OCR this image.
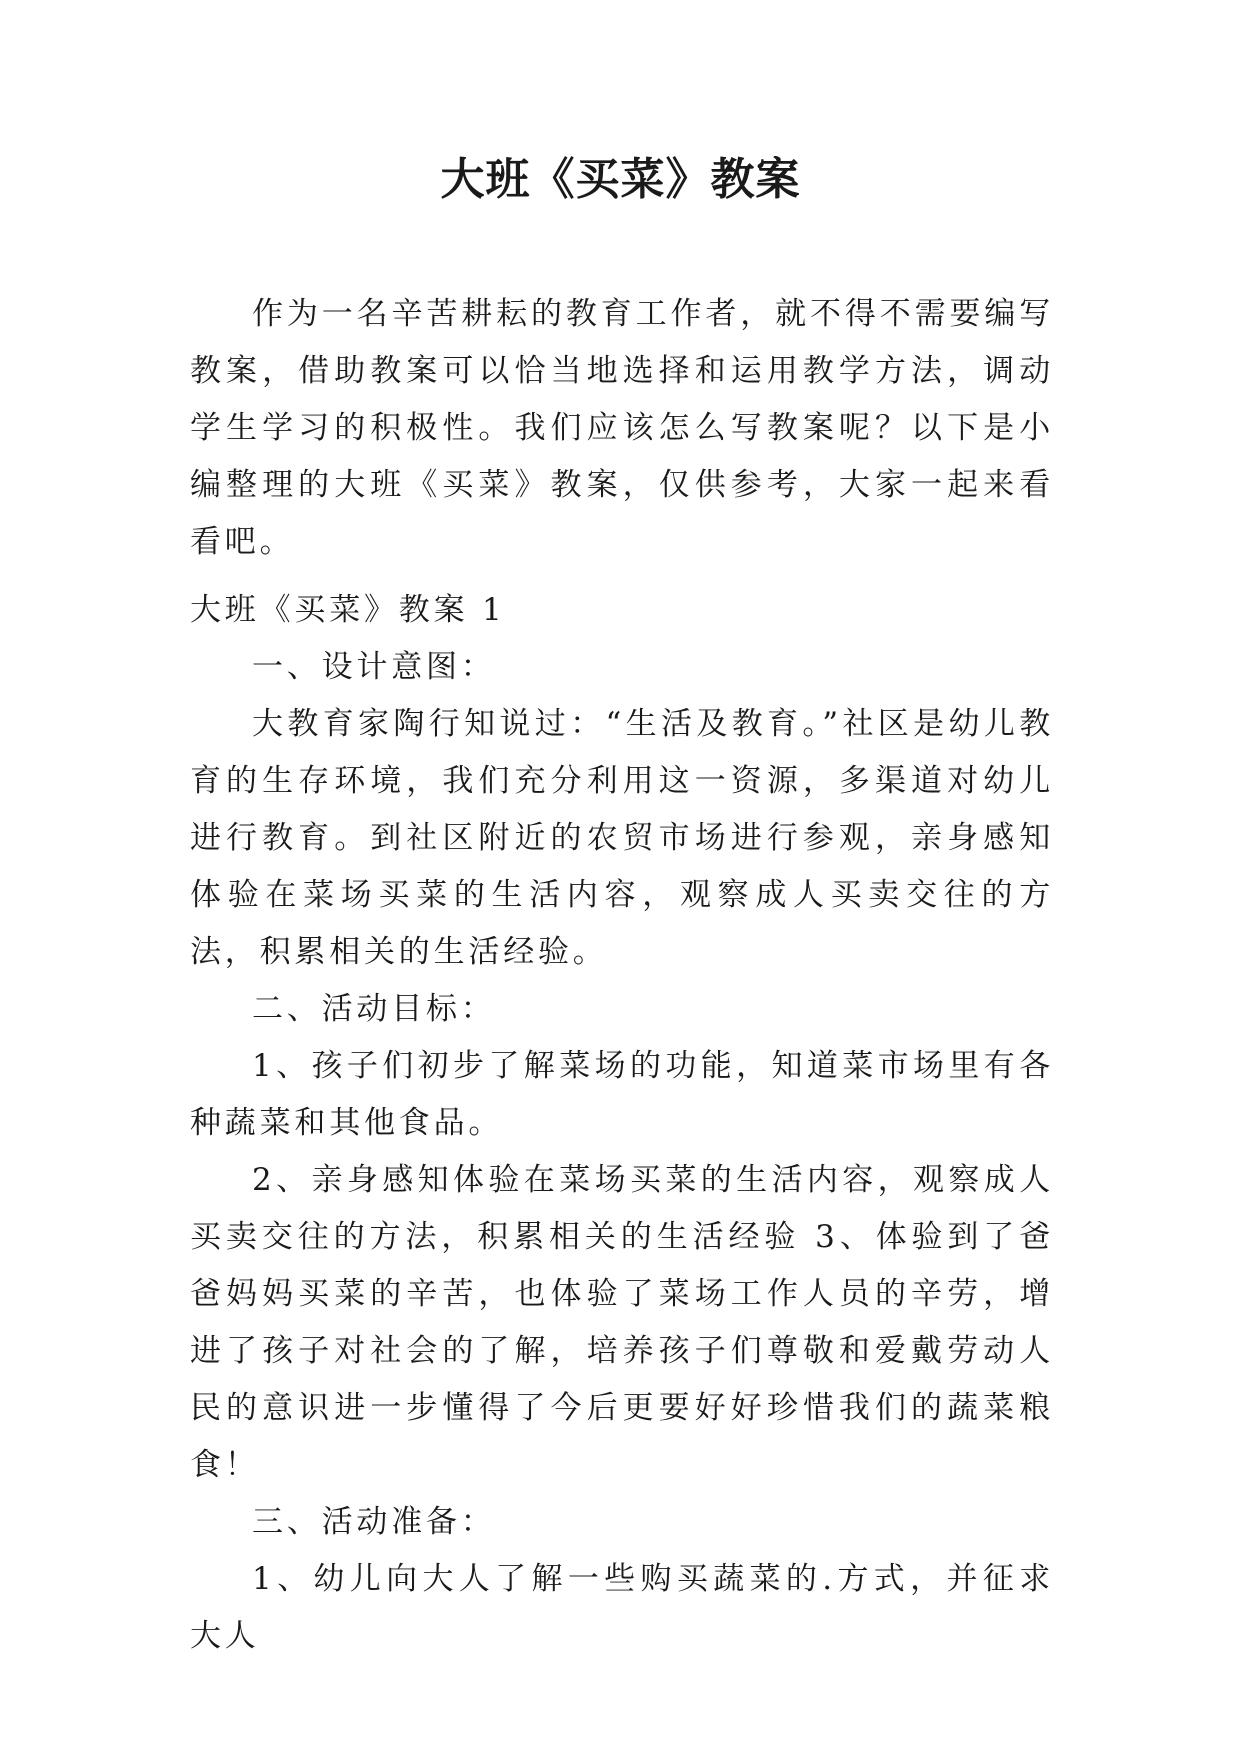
大班《买菜》教案

作为一名辛苦耕耘的教育工作者，就不得不需要编写教案，借助教案可以恰当地选择和运用教学方法，调动学生学习的积极性。我们应该怎么写教案呢？以下是小编整理的大班《买菜》教案，仅供参考，大家一起来看看吧。

大班《买菜》教案 1

一、设计意图：

大教育家陶行知说过：“生活及教育。”社区是幼儿教育的生存环境，我们充分利用这一资源，多渠道对幼儿进行教育。到社区附近的农贸市场进行参观，亲身感知体验在菜场买菜的生活内容，观察成人买卖交往的方法，积累相关的生活经验。

二、活动目标：

1、孩子们初步了解菜场的功能，知道菜市场里有各种蔬菜和其他食品。

2、亲身感知体验在菜场买菜的生活内容，观察成人买卖交往的方法，积累相关的生活经验 3、体验到了爸爸妈妈买菜的辛苦，也体验了菜场工作人员的辛劳，增进了孩子对社会的了解，培养孩子们尊敬和爱戴劳动人民的意识进一步懂得了今后更要好好珍惜我们的蔬菜粮食！

三、活动准备：

1、幼儿向大人了解一些购买蔬菜的.方式，并征求大人
